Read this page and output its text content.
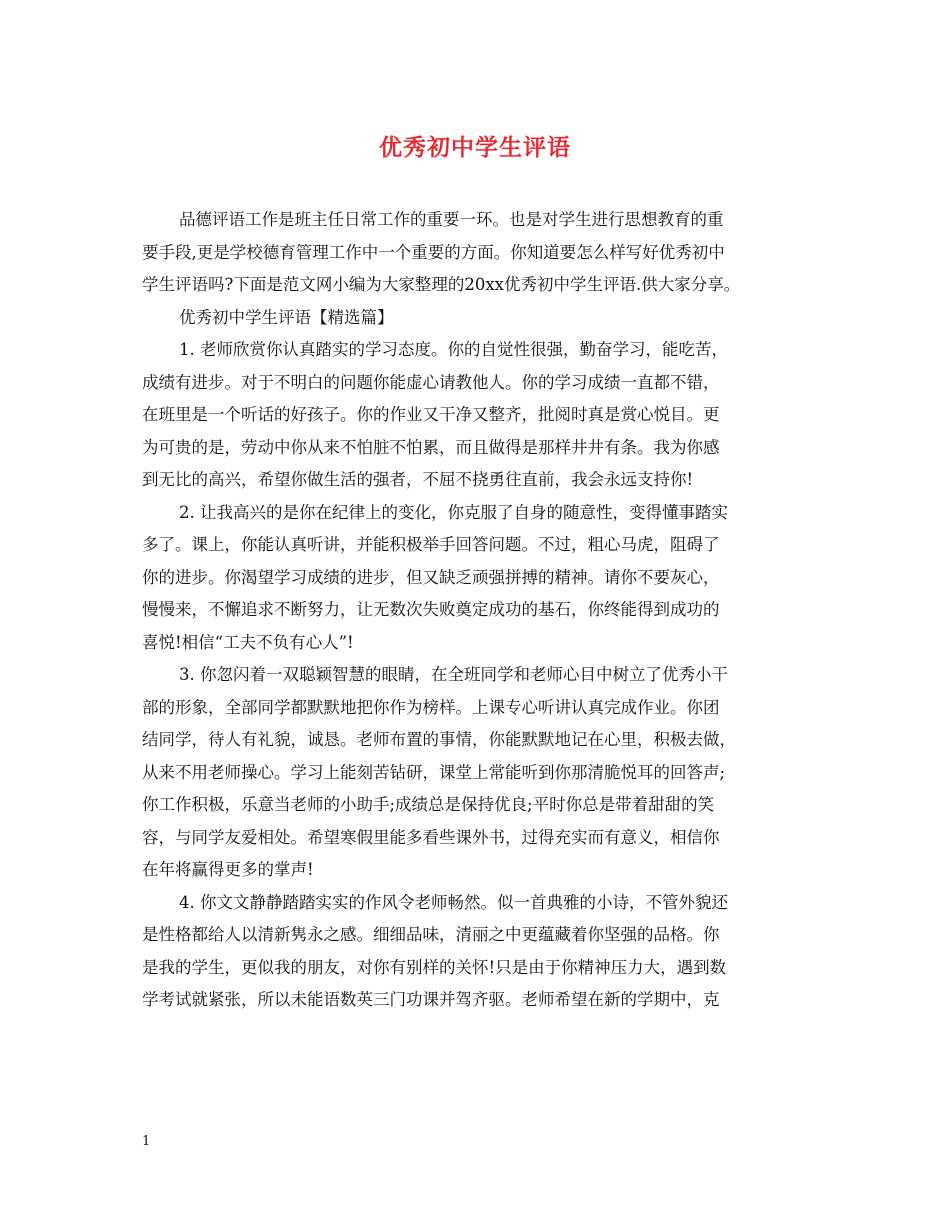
优秀初中学生评语
品德评语工作是班主任日常工作的重要一环。也是对学生进行思想教育的重
要手段,更是学校德育管理工作中一个重要的方面。你知道要怎么样写好优秀初中
学生评语吗?下面是范文网小编为大家整理的20xx优秀初中学生评语.供大家分享。
优秀初中学生评语【精选篇】
1. 老师欣赏你认真踏实的学习态度。你的自觉性很强，勤奋学习，能吃苦，
成绩有进步。对于不明白的问题你能虚心请教他人。你的学习成绩一直都不错，
在班里是一个听话的好孩子。你的作业又干净又整齐，批阅时真是赏心悦目。更
为可贵的是，劳动中你从来不怕脏不怕累，而且做得是那样井井有条。我为你感
到无比的高兴，希望你做生活的强者，不屈不挠勇往直前，我会永远支持你!
2. 让我高兴的是你在纪律上的变化，你克服了自身的随意性，变得懂事踏实
多了。课上，你能认真听讲，并能积极举手回答问题。不过，粗心马虎，阻碍了
你的进步。你渴望学习成绩的进步，但又缺乏顽强拼搏的精神。请你不要灰心，
慢慢来，不懈追求不断努力，让无数次失败奠定成功的基石，你终能得到成功的
喜悦!相信“工夫不负有心人”!
3. 你忽闪着一双聪颖智慧的眼睛，在全班同学和老师心目中树立了优秀小干
部的形象，全部同学都默默地把你作为榜样。上课专心听讲认真完成作业。你团
结同学，待人有礼貌，诚恳。老师布置的事情，你能默默地记在心里，积极去做，
从来不用老师操心。学习上能刻苦钻研，课堂上常能听到你那清脆悦耳的回答声;
你工作积极，乐意当老师的小助手;成绩总是保持优良;平时你总是带着甜甜的笑
容，与同学友爱相处。希望寒假里能多看些课外书，过得充实而有意义，相信你
在年将赢得更多的掌声!
4. 你文文静静踏踏实实的作风令老师畅然。似一首典雅的小诗，不管外貌还
是性格都给人以清新隽永之感。细细品味，清丽之中更蕴藏着你坚强的品格。你
是我的学生，更似我的朋友，对你有别样的关怀!只是由于你精神压力大，遇到数
学考试就紧张，所以未能语数英三门功课并驾齐驱。老师希望在新的学期中，克
1
